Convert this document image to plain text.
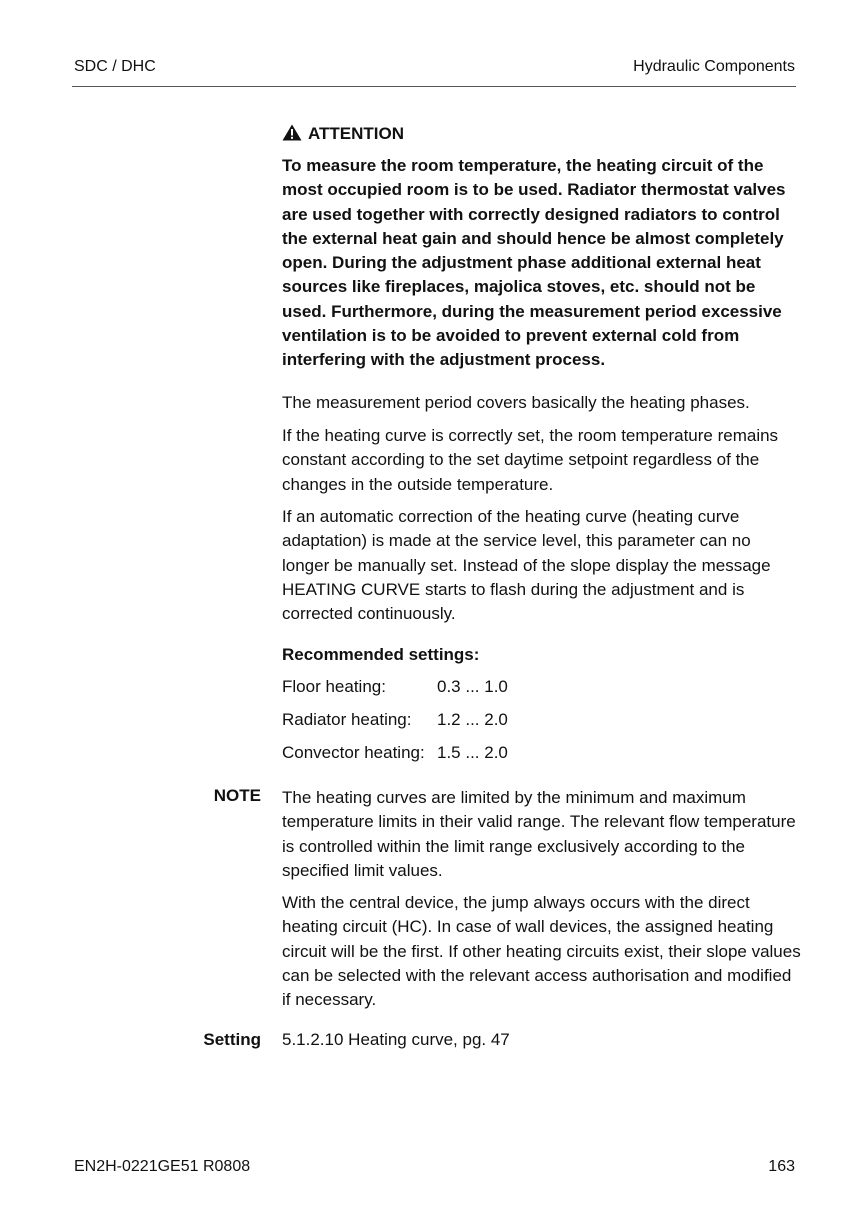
SDC / DHC	Hydraulic Components
ATTENTION
To measure the room temperature, the heating circuit of the most occupied room is to be used. Radiator thermostat valves are used together with correctly designed radiators to control the external heat gain and should hence be almost completely open. During the adjustment phase additional external heat sources like fireplaces, majolica stoves, etc. should not be used. Furthermore, during the measurement period excessive ventilation is to be avoided to prevent external cold from interfering with the adjustment process.
The measurement period covers basically the heating phases.
If the heating curve is correctly set, the room temperature remains constant according to the set daytime setpoint regardless of the changes in the outside temperature.
If an automatic correction of the heating curve (heating curve adaptation) is made at the service level, this parameter can no longer be manually set. Instead of the slope display the message HEATING CURVE starts to flash during the adjustment and is corrected continuously.
Recommended settings:
Floor heating:	0.3 ... 1.0
Radiator heating: 1.2 ... 2.0
Convector heating: 1.5 ... 2.0
NOTE The heating curves are limited by the minimum and maximum temperature limits in their valid range. The relevant flow temperature is controlled within the limit range exclusively according to the specified limit values.
With the central device, the jump always occurs with the direct heating circuit (HC). In case of wall devices, the assigned heating circuit will be the first. If other heating circuits exist, their slope values can be selected with the relevant access authorisation and modified if necessary.
Setting 5.1.2.10 Heating curve, pg. 47
EN2H-0221GE51 R0808	163
